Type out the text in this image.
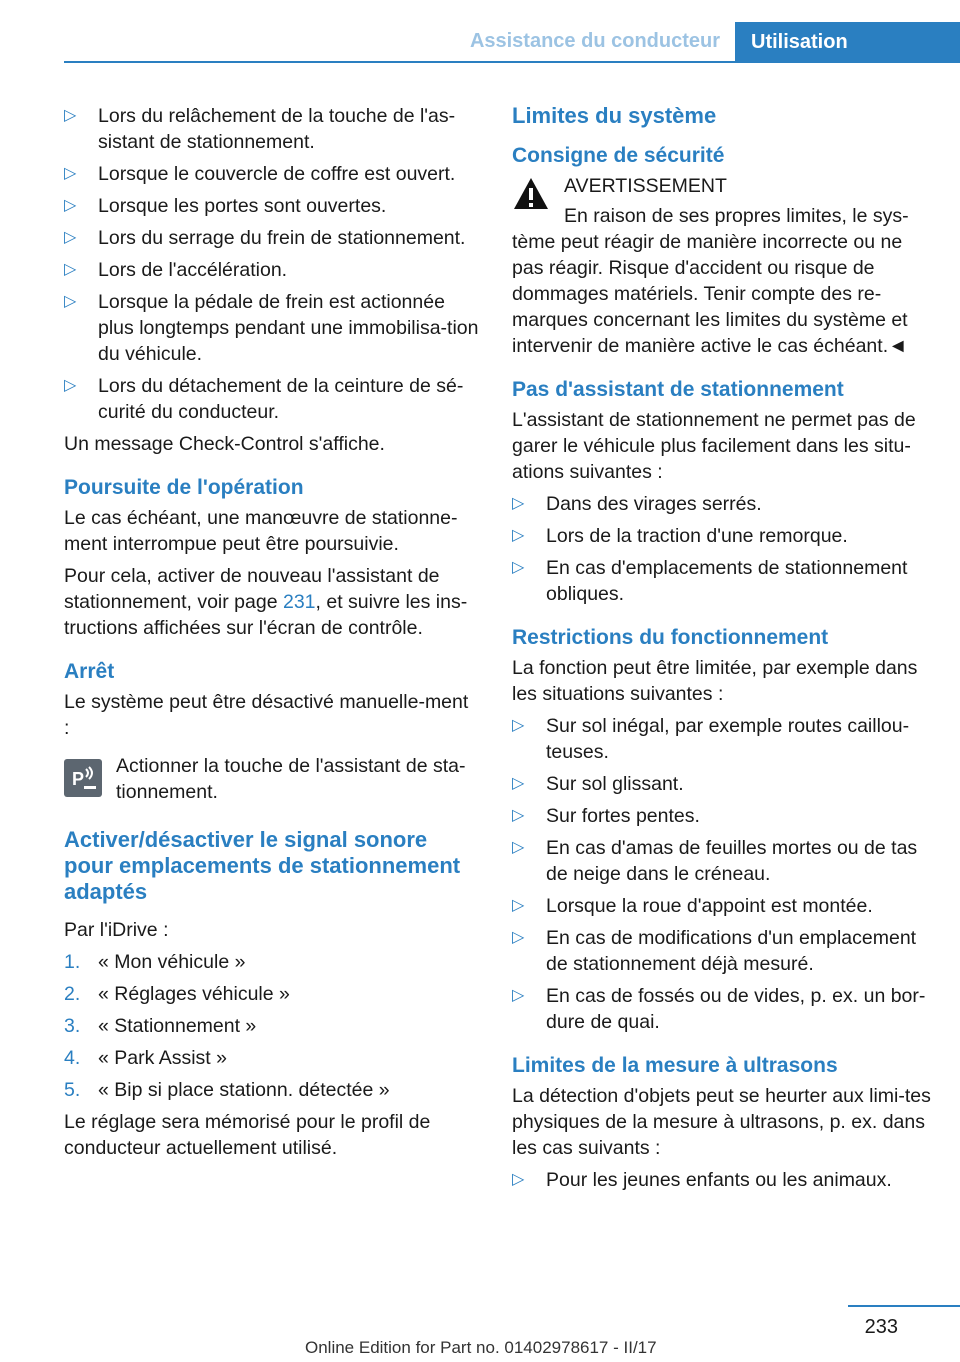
Assistance du conducteur	Utilisation
▷ Lors du relâchement de la touche de l'as-sistant de stationnement.
▷ Lorsque le couvercle de coffre est ouvert.
▷ Lorsque les portes sont ouvertes.
▷ Lors du serrage du frein de stationnement.
▷ Lors de l'accélération.
▷ Lorsque la pédale de frein est actionnée plus longtemps pendant une immobilisa-tion du véhicule.
▷ Lors du détachement de la ceinture de sé-curité du conducteur.

Un message Check-Control s'affiche.

Poursuite de l'opération

Le cas échéant, une manœuvre de stationne-ment interrompue peut être poursuivie.

Pour cela, activer de nouveau l'assistant de stationnement, voir page 231, et suivre les ins-tructions affichées sur l'écran de contrôle.

Arrêt

Le système peut être désactivé manuelle-ment :

P
Actionner la touche de l'assistant de sta-tionnement.
Activer/désactiver le signal sonore pour emplacements de stationnement adaptés

Par l'iDrive :

1. « Mon véhicule »
2. « Réglages véhicule »
3. « Stationnement »
4. « Park Assist »
5. « Bip si place stationn. détectée »

Le réglage sera mémorisé pour le profil de conducteur actuellement utilisé.

Limites du système
Consigne de sécurité
AVERTISSEMENT

En raison de ses propres limites, le sys-tème peut réagir de manière incorrecte ou ne pas réagir. Risque d'accident ou risque de dommages matériels. Tenir compte des re-marques concernant les limites du système et intervenir de manière active le cas échéant.◄

Pas d'assistant de stationnement

L'assistant de stationnement ne permet pas de garer le véhicule plus facilement dans les situ-ations suivantes :

▷ Dans des virages serrés.
▷ Lors de la traction d'une remorque.
▷ En cas d'emplacements de stationnement obliques.
Restrictions du fonctionnement

La fonction peut être limitée, par exemple dans les situations suivantes :

▷ Sur sol inégal, par exemple routes caillou-teuses.
▷ Sur sol glissant.
▷ Sur fortes pentes.
▷ En cas d'amas de feuilles mortes ou de tas de neige dans le créneau.
▷ Lorsque la roue d'appoint est montée.
▷ En cas de modifications d'un emplacement de stationnement déjà mesuré.
▷ En cas de fossés ou de vides, p. ex. un bor-dure de quai.
Limites de la mesure à ultrasons

La détection d'objets peut se heurter aux limi-tes physiques de la mesure à ultrasons, p. ex. dans les cas suivants :

▷ Pour les jeunes enfants ou les animaux.
233
Online Edition for Part no. 01402978617 - II/17
